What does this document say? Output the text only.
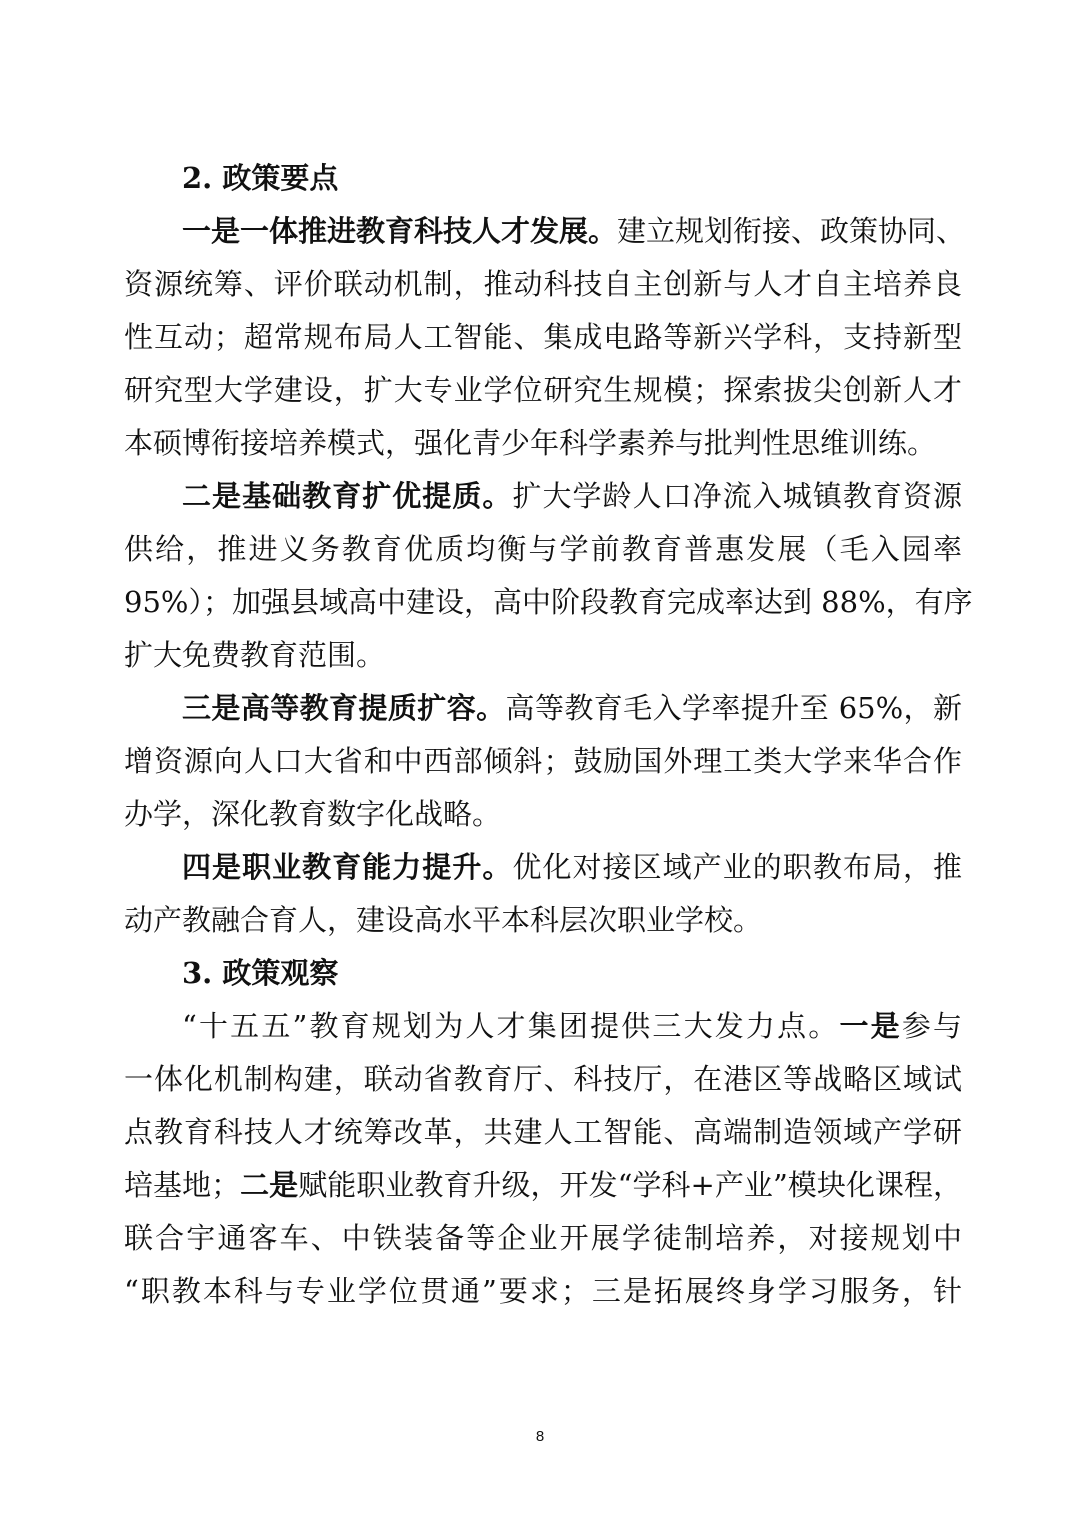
2. 政策要点
一是一体推进教育科技人才发展。建立规划衔接、政策协同、
资源统筹、评价联动机制，推动科技自主创新与人才自主培养良
性互动；超常规布局人工智能、集成电路等新兴学科，支持新型
研究型大学建设，扩大专业学位研究生规模；探索拔尖创新人才
本硕博衔接培养模式，强化青少年科学素养与批判性思维训练。
二是基础教育扩优提质。扩大学龄人口净流入城镇教育资源
供给，推进义务教育优质均衡与学前教育普惠发展（毛入园率
95%）；加强县域高中建设，高中阶段教育完成率达到 88%，有序
扩大免费教育范围。
三是高等教育提质扩容。高等教育毛入学率提升至 65%，新
增资源向人口大省和中西部倾斜；鼓励国外理工类大学来华合作
办学，深化教育数字化战略。
四是职业教育能力提升。优化对接区域产业的职教布局，推
动产教融合育人，建设高水平本科层次职业学校。
3. 政策观察
“十五五”教育规划为人才集团提供三大发力点。一是参与
一体化机制构建，联动省教育厅、科技厅，在港区等战略区域试
点教育科技人才统筹改革，共建人工智能、高端制造领域产学研
培基地；二是赋能职业教育升级，开发“学科+产业”模块化课程，
联合宇通客车、中铁装备等企业开展学徒制培养，对接规划中
“职教本科与专业学位贯通”要求；三是拓展终身学习服务，针
8
